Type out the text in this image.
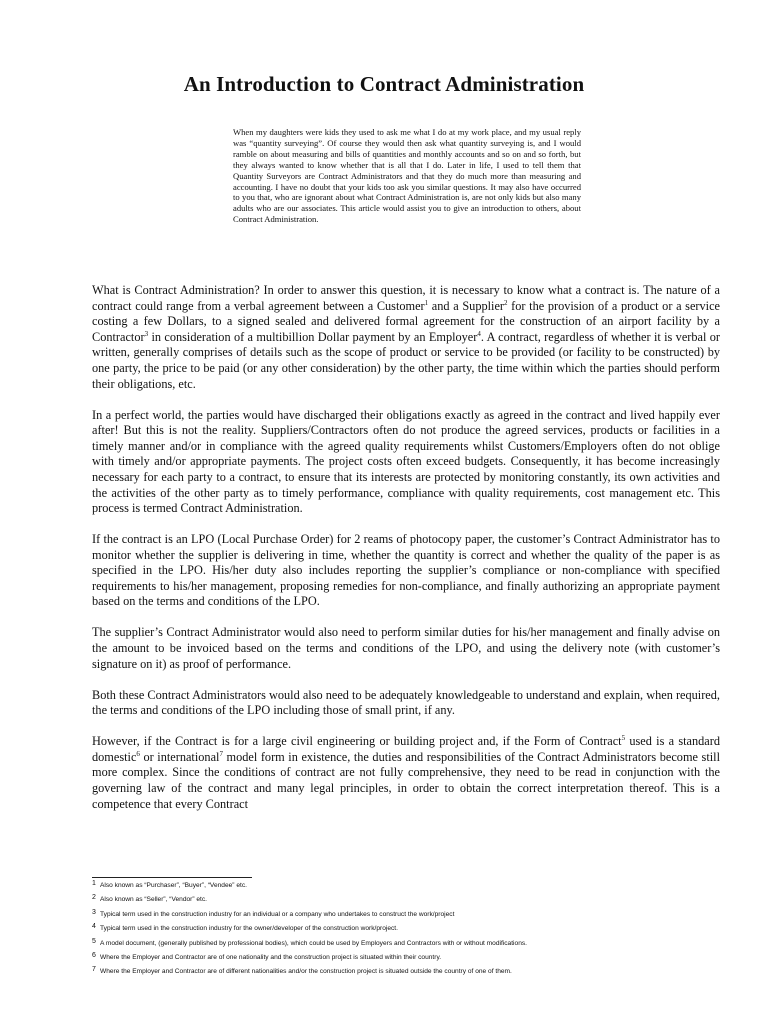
An Introduction to Contract Administration

When my daughters were kids they used to ask me what I do at my work place, and my usual reply was “quantity surveying”. Of course they would then ask what quantity surveying is, and I would ramble on about measuring and bills of quantities and monthly accounts and so on and so forth, but they always wanted to know whether that is all that I do. Later in life, I used to tell them that Quantity Surveyors are Contract Administrators and that they do much more than measuring and accounting. I have no doubt that your kids too ask you similar questions. It may also have occurred to you that, who are ignorant about what Contract Administration is, are not only kids but also many adults who are our associates. This article would assist you to give an introduction to others, about Contract Administration.

What is Contract Administration? In order to answer this question, it is necessary to know what a contract is. The nature of a contract could range from a verbal agreement between a Customer$^1$ and a Supplier$^2$ for the provision of a product or a service costing a few Dollars, to a signed sealed and delivered formal agreement for the construction of an airport facility by a Contractor$^3$ in consideration of a multibillion Dollar payment by an Employer$^4$. A contract, regardless of whether it is verbal or written, generally comprises of details such as the scope of product or service to be provided (or facility to be constructed) by one party, the price to be paid (or any other consideration) by the other party, the time within which the parties should perform their obligations, etc.

In a perfect world, the parties would have discharged their obligations exactly as agreed in the contract and lived happily ever after! But this is not the reality. Suppliers/Contractors often do not produce the agreed services, products or facilities in a timely manner and/or in compliance with the agreed quality requirements whilst Customers/Employers often do not oblige with timely and/or appropriate payments. The project costs often exceed budgets. Consequently, it has become increasingly necessary for each party to a contract, to ensure that its interests are protected by monitoring constantly, its own activities and the activities of the other party as to timely performance, compliance with quality requirements, cost management etc. This process is termed Contract Administration.

If the contract is an LPO (Local Purchase Order) for 2 reams of photocopy paper, the customer’s Contract Administrator has to monitor whether the supplier is delivering in time, whether the quantity is correct and whether the quality of the paper is as specified in the LPO. His/her duty also includes reporting the supplier’s compliance or non-compliance with specified requirements to his/her management, proposing remedies for non-compliance, and finally authorizing an appropriate payment based on the terms and conditions of the LPO.

The supplier’s Contract Administrator would also need to perform similar duties for his/her management and finally advise on the amount to be invoiced based on the terms and conditions of the LPO, and using the delivery note (with customer’s signature on it) as proof of performance.

Both these Contract Administrators would also need to be adequately knowledgeable to understand and explain, when required, the terms and conditions of the LPO including those of small print, if any.

However, if the Contract is for a large civil engineering or building project and, if the Form of Contract$^5$ used is a standard domestic$^6$ or international$^7$ model form in existence, the duties and responsibilities of the Contract Administrators become still more complex. Since the conditions of contract are not fully comprehensive, they need to be read in conjunction with the governing law of the contract and many legal principles, in order to obtain the correct interpretation thereof. This is a competence that every Contract

1 Also known as “Purchaser”, “Buyer”, “Vendee” etc.
2 Also known as “Seller”, “Vendor” etc.
3 Typical term used in the construction industry for an individual or a company who undertakes to construct the work/project
4 Typical term used in the construction industry for the owner/developer of the construction work/project.
5 A model document, (generally published by professional bodies), which could be used by Employers and Contractors with or without modifications.
6 Where the Employer and Contractor are of one nationality and the construction project is situated within their country.
7 Where the Employer and Contractor are of different nationalities and/or the construction project is situated outside the country of one of them.
